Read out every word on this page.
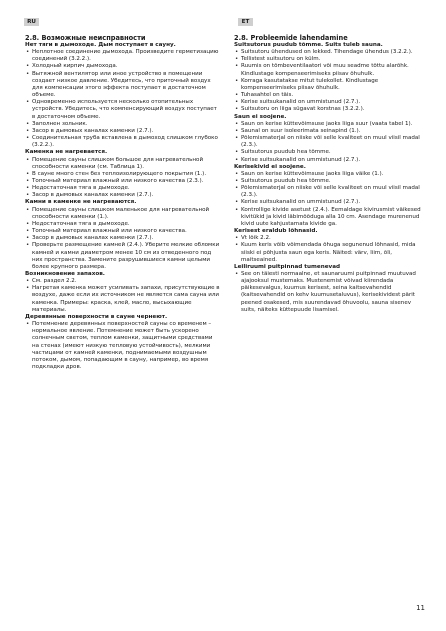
RU	ET
2.8. Возможные неисправности
Нет тяги в дымоходе. Дым поступает в сауну.
• Неплотное соединение дымохода. Произведите герметизацию соединений (3.2.2.).
• Холодный кирпич дымохода.
• Вытяжной вентилятор или иное устройство в помещении создает низкое давление. Убедитесь, что приточный воздух для компенсации этого эффекта поступает в достаточном объеме.
• Одновременно используется несколько отопительных устройств. Убедитесь, что компенсирующий воздух поступает в достаточном объеме.
• Заполнен зольник.
• Засор в дымовых каналах каменки (2.7.).
• Соединительная труба вставлена в дымоход слишком глубоко (3.2.2.).
Каменка не нагревается.
• Помещение сауны слишком большое для нагревательной способности каменки (см. Таблица 1).
• В сауне много стен без теплоизолирующего покрытия (1.).
• Топочный материал влажный или низкого качества (2.3.).
• Недостаточная тяга в дымоходе.
• Засор в дымовых каналах каменки (2.7.).
Камни в каменке не нагреваются.
• Помещение сауны слишком маленькое для нагревательной способности каменки (1.).
• Недостаточная тяга в дымоходе.
• Топочный материал влажный или низкого качества.
• Засор в дымовых каналах каменки (2.7.).
• Проверьте размещение камней (2.4.). Уберите мелкие обломки камней и камни диаметром менее 10 см из отведенного под них пространства. Замените разрушившиеся камни целыми более крупного размера.
Возникновение запахов.
• См. раздел 2.2.
• Нагретая каменка может усиливать запахи, присутствующие в воздухе, даже если их источником не является сама сауна или каменка. Примеры: краска, клей, масло, высыхающие материалы.
Деревянные поверхности в сауне чернеют.
• Потемнение деревянных поверхностей сауны со временем – нормальное явление. Потемнение может быть ускорено солнечным светом, теплом каменки, защитными средствами на стенах (имеют низкую тепловую устойчивость), мелкими частицами от камней каменки, поднимаемыми воздушным потоком, дымом, попадающим в сауну, например, во время подкладки дров.
2.8. Probleemide lahendamine
Suitsutorus puudub tõmme. Suits tuleb sauna.
• Suitsutoru ühendused on lekked. Tihendage ühendus (3.2.2.).
• Tellistest suitsutoru on külm.
• Ruumis on tõmbeventilaatori või muu seadme tõttu alarõhk. Kindlustage kompenseerimiseks piisav õhuhulk.
• Korraga kasutatakse mitut tulekollet. Kindlustage kompenseerimiseks piisav õhuhulk.
• Tuhasahtel on täis.
• Kerise suitsukanalid on ummistunud (2.7.).
• Suitsutoru on liiga sügavat korstnas (3.2.2.).
Saun ei soojene.
• Saun on kerise küttevõimsuse jaoks liiga suur (vaata tabel 1).
• Saunal on suur isoleerimata seinapind (1.).
• Põlemismaterjal on niiske või selle kvaliteet on muul viisil madal (2.3.).
• Suitsutorus puudub hea tõmme.
• Kerise suitsukanalid on ummistunud (2.7.).
Kerisekivid ei soojene.
• Saun on kerise küttevõimsuse jaoks liiga väike (1.).
• Suitsutorus puudub hea tõmme.
• Põlemismaterjal on niiske või selle kvaliteet on muul viisil madal (2.3.).
• Kerise suitsukanalid on ummistunud (2.7.).
• Kontrollige kivide asetust (2.4.). Eemaldage kivirusmist väikesed kivitükid ja kivid läbimõõduga alla 10 cm. Asendage murenenud kivid uute kahjustamata kivide ga.
Kerisest eraldub lõhnasid.
• Vt lõik 2.2.
• Kuum keris võib võimendada õhuga segunenud lõhnasid, mida siiski ei põhjusta saun ega keris. Näited: värv, liim, õli, maitseained.
Leiliruumi puitpinnad tumenevad
• See on täiesti normaalne, et saunaruumi puitpinnad muutuvad ajajooksul mustemaks. Mustenemist võivad kiirendada päikesevalgus, kuumus kerisest, seina kaitsevahendid (kaitsevahendid on kehv kuumusetaluvus), kerisekividest pärit peened osakesed, mis suurendavad õhuvoolu, sauna sisenev suits, näiteks küttepuude lisamisel.
11
